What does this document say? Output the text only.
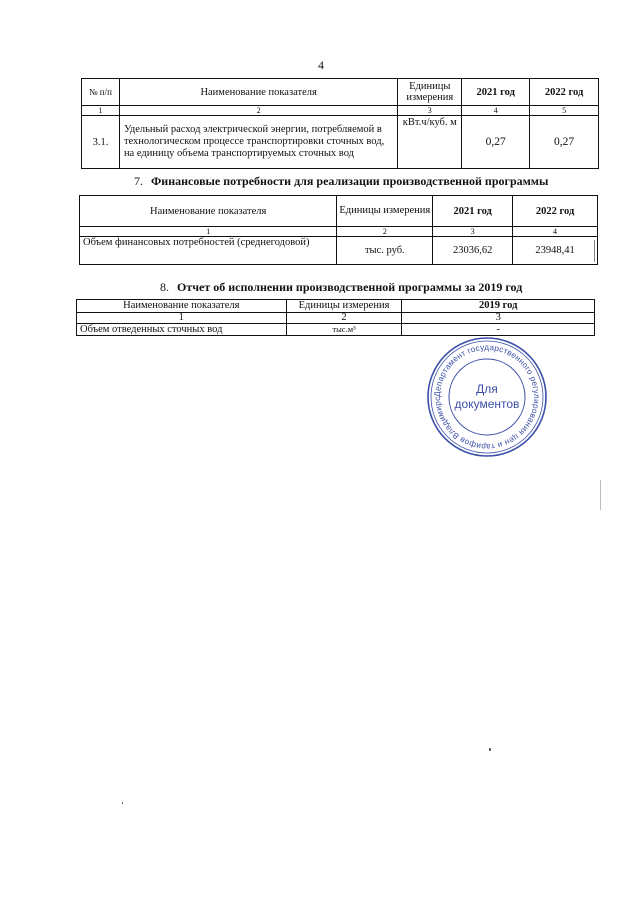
4
№ п/п	Наименование показателя	Единицы измерения	2021 год	2022 год
1	2	3	4	5
3.1.	Удельный расход электрической энергии, потребляемой в технологическом процессе транспортировки сточных вод, на единицу объема транспортируемых сточных вод	кВт.ч/куб. м	0,27	0,27
7. Финансовые потребности для реализации производственной программы
Наименование показателя	Единицы измерения	2021 год	2022 год
1	2	3	4
Объем финансовых потребностей (среднегодовой)	тыс. руб.	23036,62	23948,41
8. Отчет об исполнении производственной программы за 2019 год
Наименование показателя	Единицы измерения	2019 год
1	2	3
Объем отведенных сточных вод	тыс.м³	-
Департамент государственного регулирования цен и тарифов Владимирс
Для
документов
